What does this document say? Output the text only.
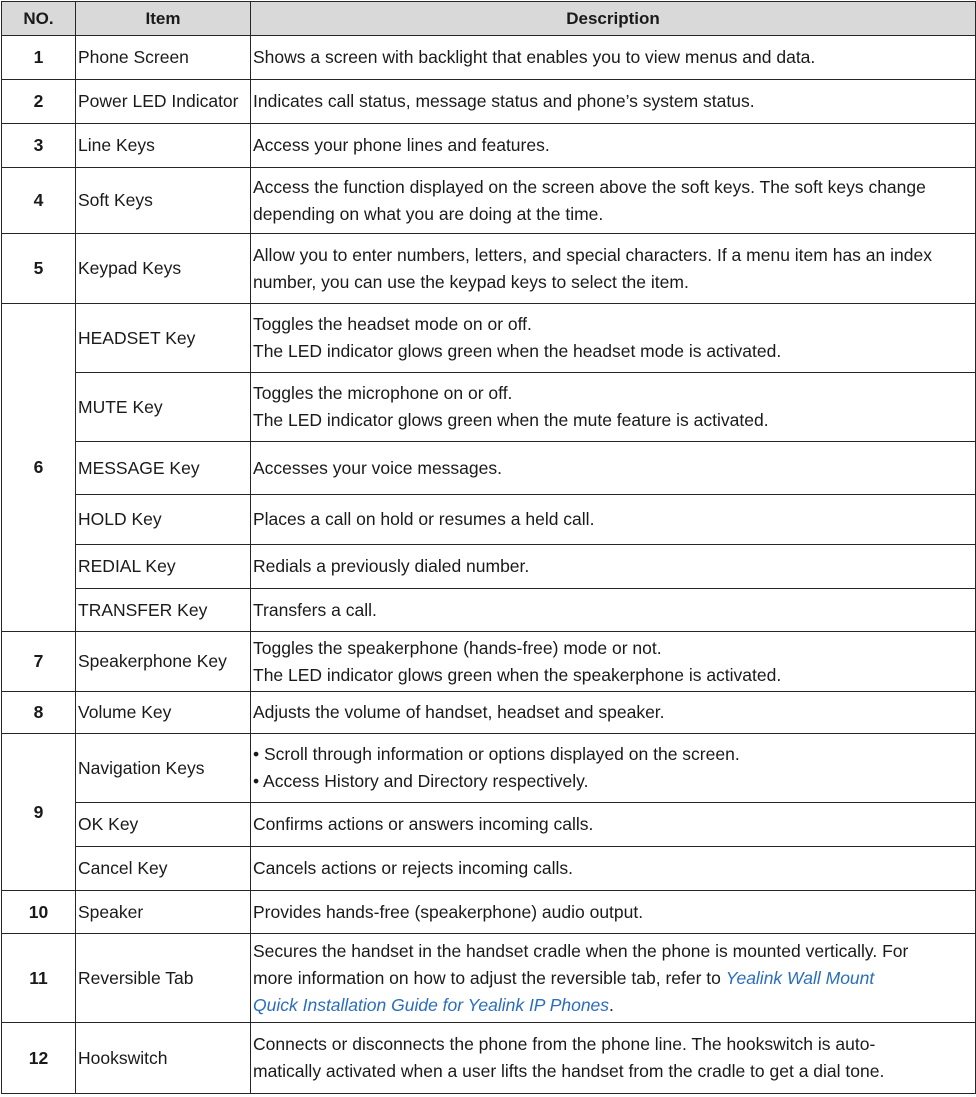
NO.	Item	Description
1	Phone Screen	Shows a screen with backlight that enables you to view menus and data.
2	Power LED Indicator	Indicates call status, message status and phone’s system status.
3	Line Keys	Access your phone lines and features.
4	Soft Keys	Access the function displayed on the screen above the soft keys. The soft keys change
depending on what you are doing at the time.

5	Keypad Keys	Allow you to enter numbers, letters, and special characters. If a menu item has an index
number, you can use the keypad keys to select the item.

6	HEADSET Key	Toggles the headset mode on or off.
The LED indicator glows green when the headset mode is activated.

	MUTE Key	Toggles the microphone on or off.
The LED indicator glows green when the mute feature is activated.

	MESSAGE Key	Accesses your voice messages.
	HOLD Key	Places a call on hold or resumes a held call.
	REDIAL Key	Redials a previously dialed number.
	TRANSFER Key	Transfers a call.
7	Speakerphone Key	Toggles the speakerphone (hands-free) mode or not.
The LED indicator glows green when the speakerphone is activated.

8	Volume Key	Adjusts the volume of handset, headset and speaker.
9	Navigation Keys	• Scroll through information or options displayed on the screen.
• Access History and Directory respectively.

	OK Key	Confirms actions or answers incoming calls.
	Cancel Key	Cancels actions or rejects incoming calls.
10	Speaker	Provides hands-free (speakerphone) audio output.
11	Reversible Tab	Secures the handset in the handset cradle when the phone is mounted vertically. For
more information on how to adjust the reversible tab, refer to Yealink Wall Mount
Quick Installation Guide for Yealink IP Phones.

12	Hookswitch	Connects or disconnects the phone from the phone line. The hookswitch is auto-
matically activated when a user lifts the handset from the cradle to get a dial tone.
